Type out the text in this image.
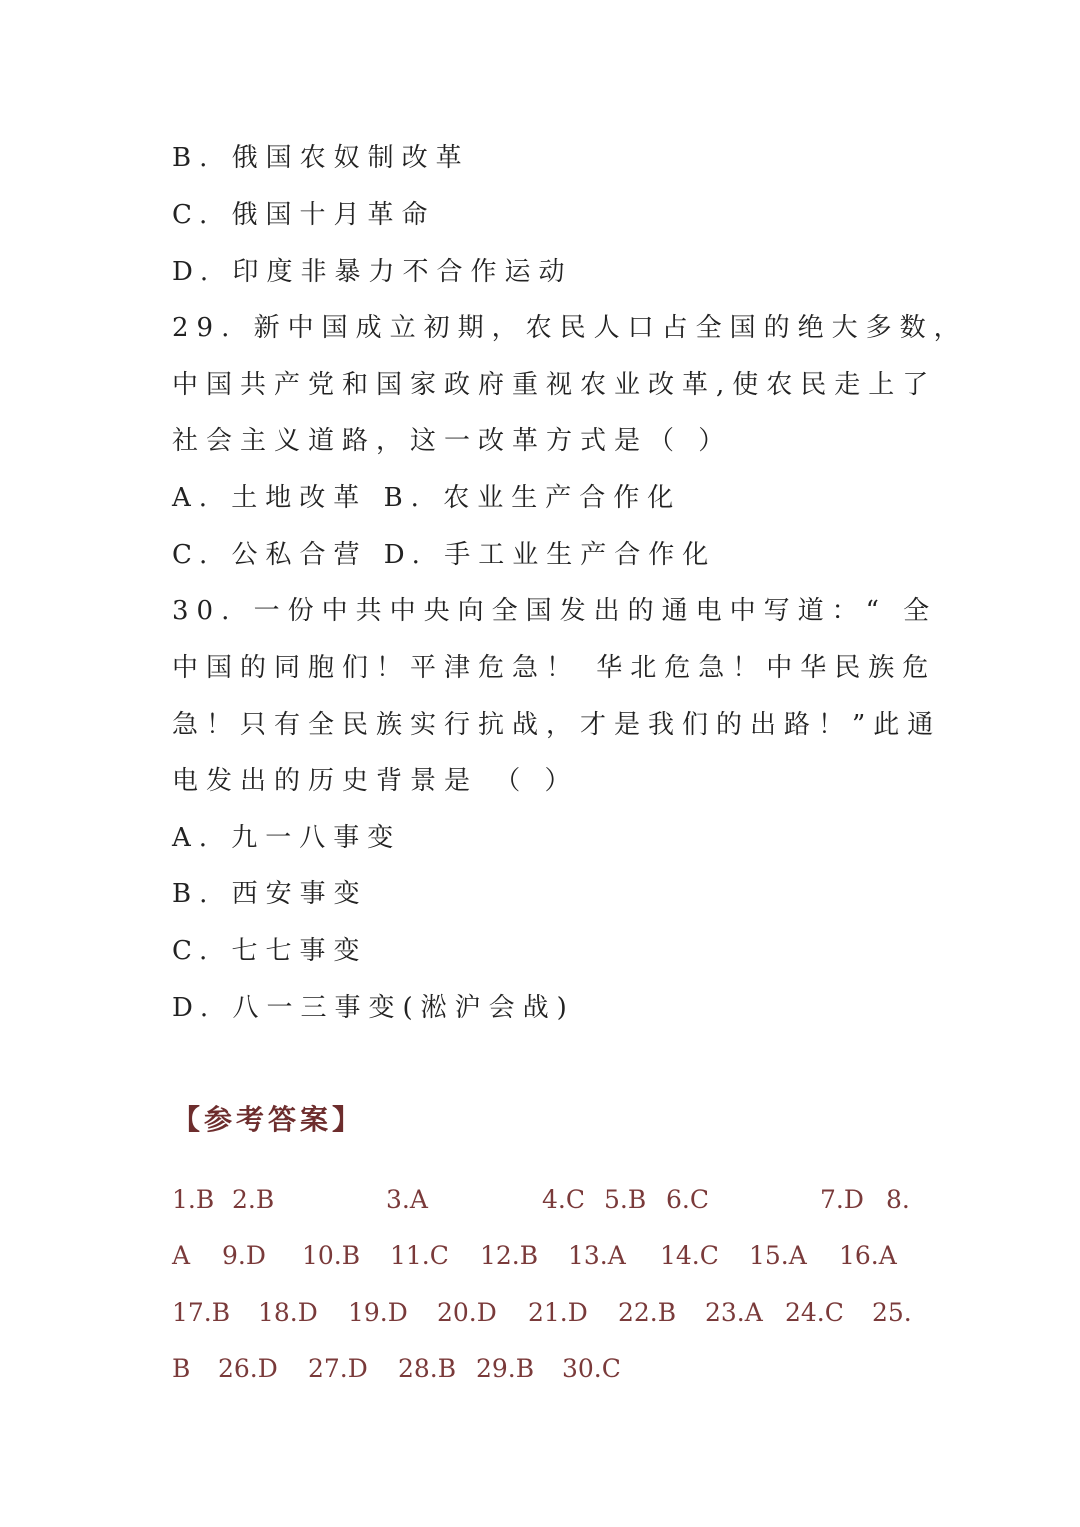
B. 俄国农奴制改革
C. 俄国十月革命
D. 印度非暴力不合作运动
29. 新中国成立初期，农民人口占全国的绝大多数，
中国共产党和国家政府重视农业改革,使农民走上了
社会主义道路，这一改革方式是（ ）
A. 土地改革 B. 农业生产合作化
C. 公私合营 D. 手工业生产合作化
30. 一份中共中央向全国发出的通电中写道：“ 全
中国的同胞们！平津危急！ 华北危急！中华民族危
急！只有全民族实行抗战，才是我们的出路！”此通
电发出的历史背景是 （ ）
A. 九一八事变
B. 西安事变
C. 七七事变
D. 八一三事变(淞沪会战)
【参考答案】
1.B 2.B	3.A	4.C 5.B 6.C	7.D 8.
A 9.D 10.B 11.C 12.B 13.A 14.C 15.A 16.A
17.B 18.D 19.D 20.D 21.D 22.B 23.A 24.C 25.
B 26.D 27.D 28.B 29.B 30.C
